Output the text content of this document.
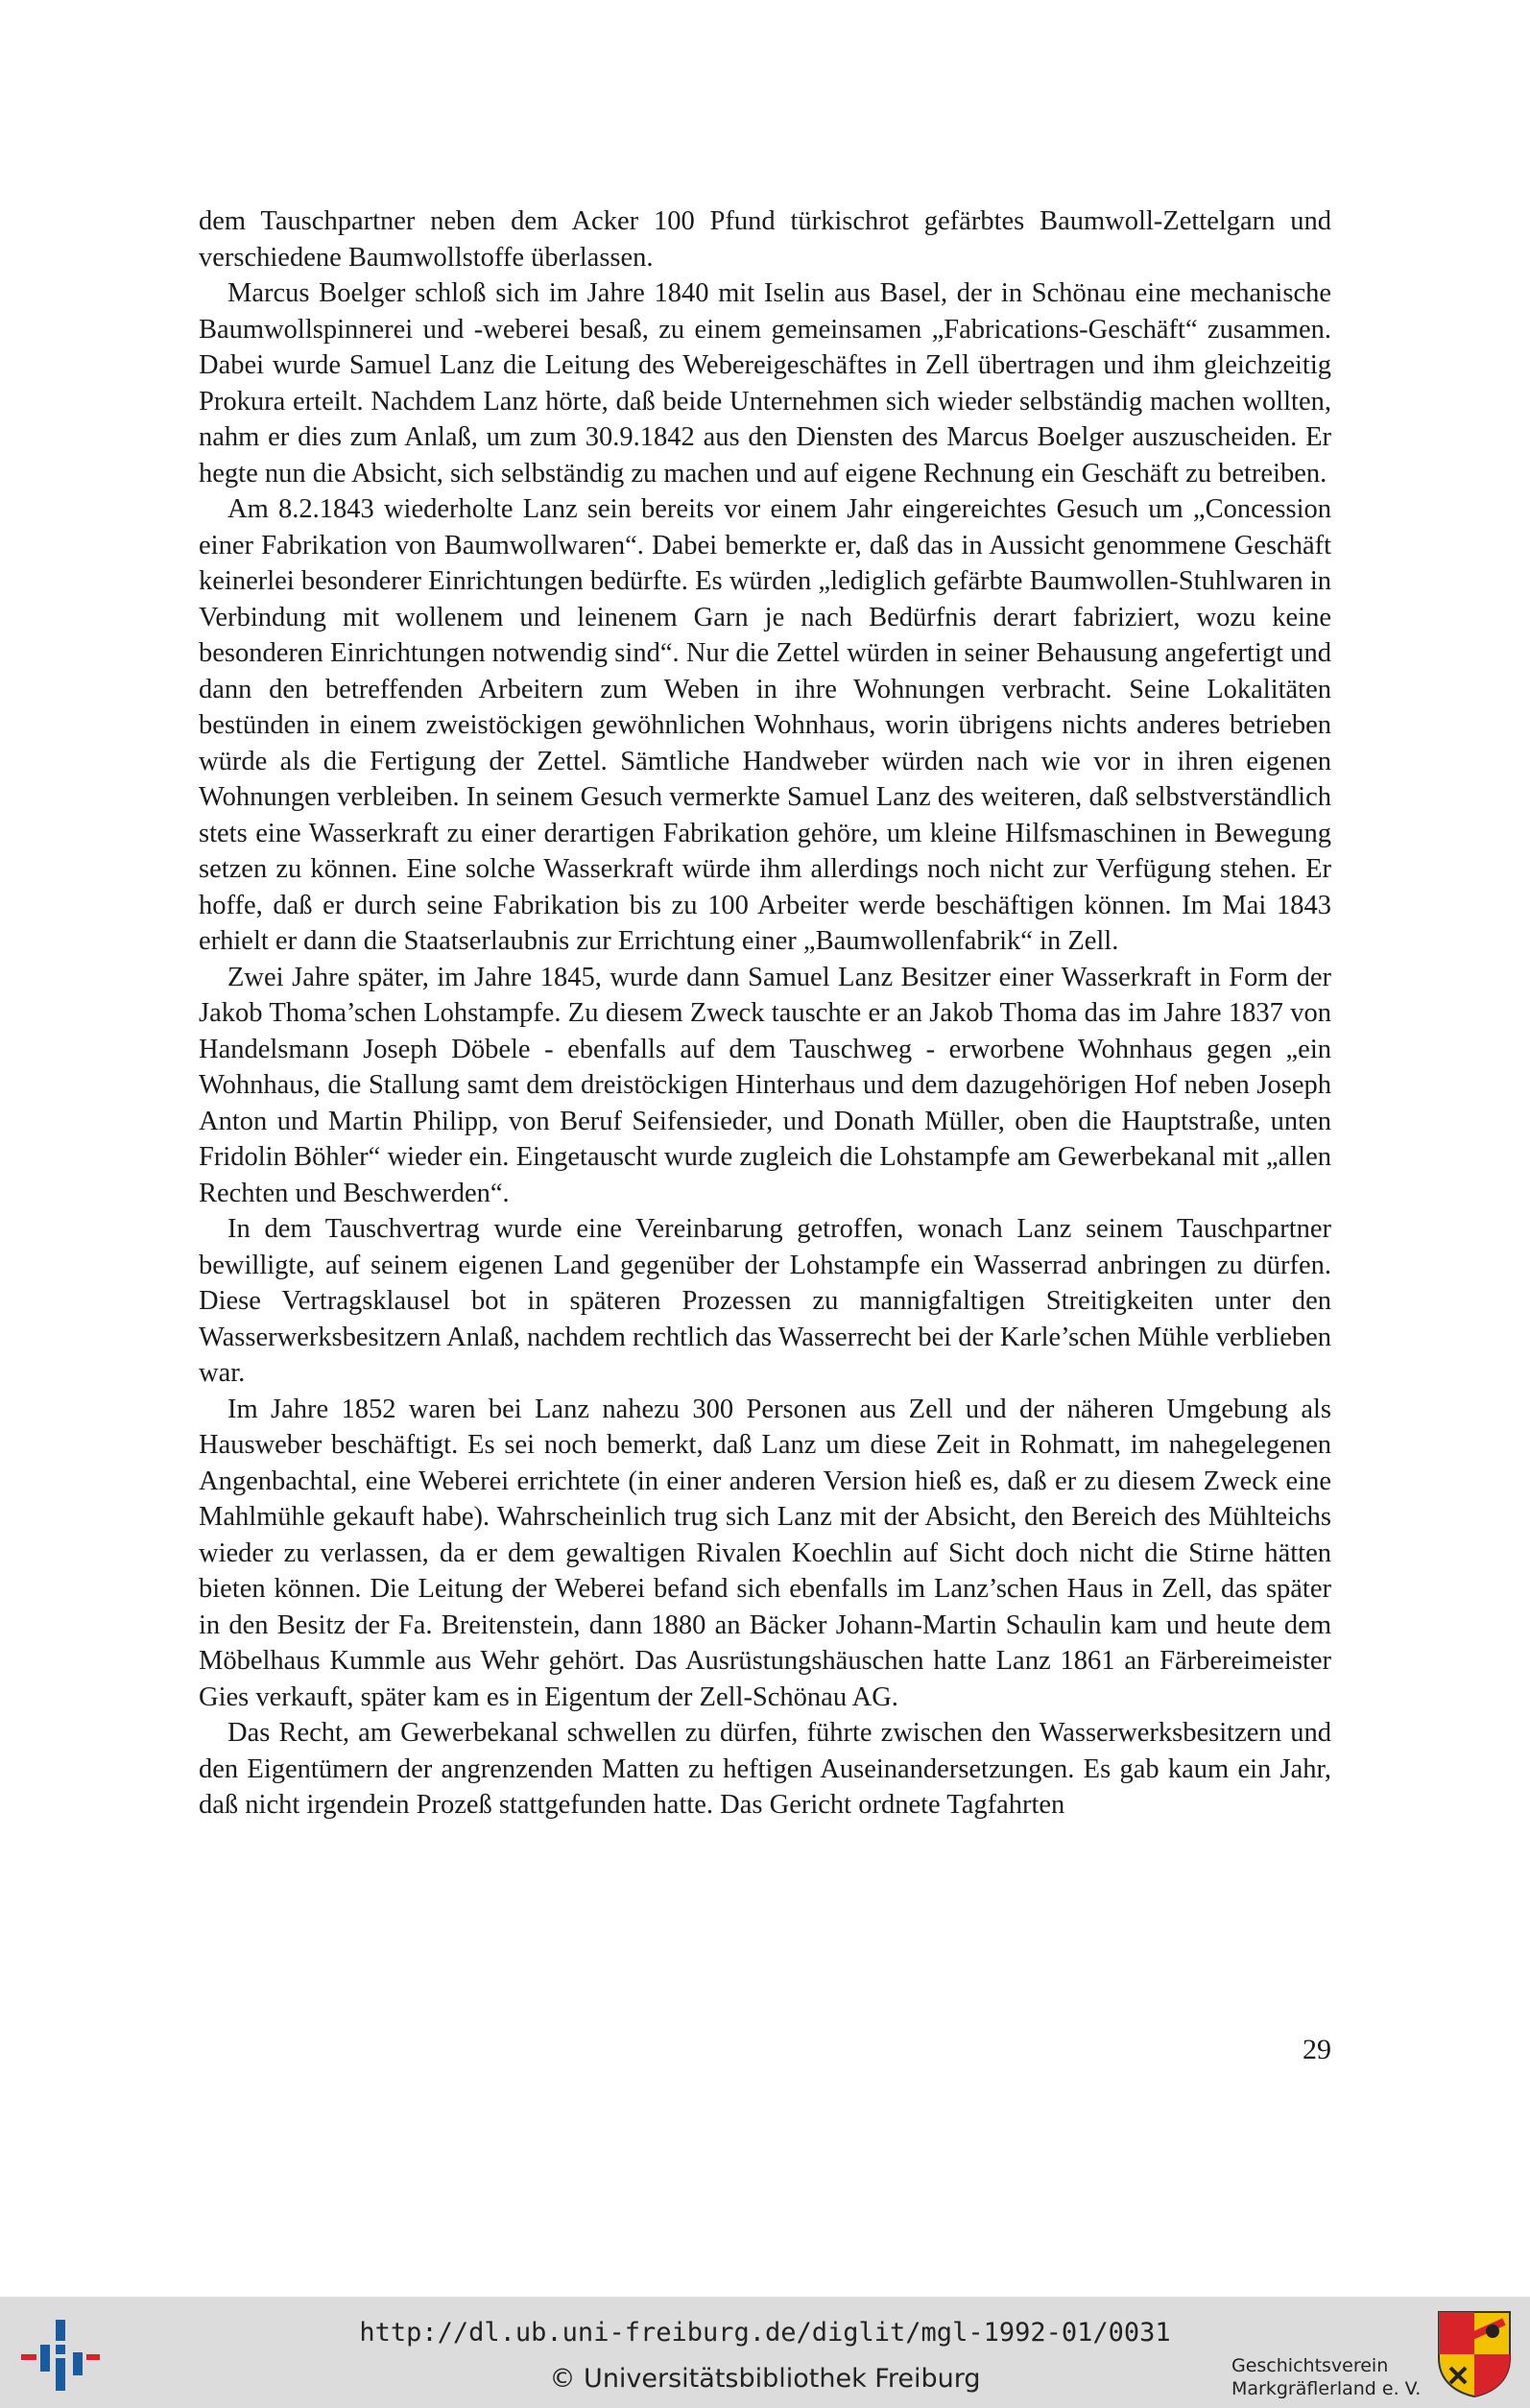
dem Tauschpartner neben dem Acker 100 Pfund türkischrot gefärbtes Baumwoll-Zettelgarn und verschiedene Baumwollstoffe überlassen.

Marcus Boelger schloß sich im Jahre 1840 mit Iselin aus Basel, der in Schönau eine mechanische Baumwollspinnerei und -weberei besaß, zu einem gemeinsamen „Fabrications-Geschäft“ zusammen. Dabei wurde Samuel Lanz die Leitung des Webereigeschäftes in Zell übertragen und ihm gleichzeitig Prokura erteilt. Nachdem Lanz hörte, daß beide Unternehmen sich wieder selbständig machen wollten, nahm er dies zum Anlaß, um zum 30.9.1842 aus den Diensten des Marcus Boelger auszuscheiden. Er hegte nun die Absicht, sich selbständig zu machen und auf eigene Rechnung ein Geschäft zu betreiben.

Am 8.2.1843 wiederholte Lanz sein bereits vor einem Jahr eingereichtes Gesuch um „Concession einer Fabrikation von Baumwollwaren“. Dabei bemerkte er, daß das in Aussicht genommene Geschäft keinerlei besonderer Einrichtungen bedürfte. Es würden „lediglich gefärbte Baumwollen-Stuhlwaren in Verbindung mit wollenem und leinenem Garn je nach Bedürfnis derart fabriziert, wozu keine besonderen Einrichtungen notwendig sind“. Nur die Zettel würden in seiner Behausung angefertigt und dann den betreffenden Arbeitern zum Weben in ihre Wohnungen verbracht. Seine Lokalitäten bestünden in einem zweistöckigen gewöhnlichen Wohnhaus, worin übrigens nichts anderes betrieben würde als die Fertigung der Zettel. Sämtliche Handweber würden nach wie vor in ihren eigenen Wohnungen verbleiben. In seinem Gesuch vermerkte Samuel Lanz des weiteren, daß selbstverständlich stets eine Wasserkraft zu einer derartigen Fabrikation gehöre, um kleine Hilfsmaschinen in Bewegung setzen zu können. Eine solche Wasserkraft würde ihm allerdings noch nicht zur Verfügung stehen. Er hoffe, daß er durch seine Fabrikation bis zu 100 Arbeiter werde beschäftigen können. Im Mai 1843 erhielt er dann die Staatserlaubnis zur Errichtung einer „Baumwollenfabrik“ in Zell.

Zwei Jahre später, im Jahre 1845, wurde dann Samuel Lanz Besitzer einer Wasserkraft in Form der Jakob Thoma’schen Lohstampfe. Zu diesem Zweck tauschte er an Jakob Thoma das im Jahre 1837 von Handelsmann Joseph Döbele - ebenfalls auf dem Tauschweg - erworbene Wohnhaus gegen „ein Wohnhaus, die Stallung samt dem dreistöckigen Hinterhaus und dem dazugehörigen Hof neben Joseph Anton und Martin Philipp, von Beruf Seifensieder, und Donath Müller, oben die Hauptstraße, unten Fridolin Böhler“ wieder ein. Eingetauscht wurde zugleich die Lohstampfe am Gewerbekanal mit „allen Rechten und Beschwerden“.

In dem Tauschvertrag wurde eine Vereinbarung getroffen, wonach Lanz seinem Tauschpartner bewilligte, auf seinem eigenen Land gegenüber der Lohstampfe ein Wasserrad anbringen zu dürfen. Diese Vertragsklausel bot in späteren Prozessen zu mannigfaltigen Streitigkeiten unter den Wasserwerksbesitzern Anlaß, nachdem rechtlich das Wasserrecht bei der Karle’schen Mühle verblieben war.

Im Jahre 1852 waren bei Lanz nahezu 300 Personen aus Zell und der näheren Umgebung als Hausweber beschäftigt. Es sei noch bemerkt, daß Lanz um diese Zeit in Rohmatt, im nahegelegenen Angenbachtal, eine Weberei errichtete (in einer anderen Version hieß es, daß er zu diesem Zweck eine Mahlmühle gekauft habe). Wahrscheinlich trug sich Lanz mit der Absicht, den Bereich des Mühlteichs wieder zu verlassen, da er dem gewaltigen Rivalen Koechlin auf Sicht doch nicht die Stirne hätten bieten können. Die Leitung der Weberei befand sich ebenfalls im Lanz’schen Haus in Zell, das später in den Besitz der Fa. Breitenstein, dann 1880 an Bäcker Johann-Martin Schaulin kam und heute dem Möbelhaus Kummle aus Wehr gehört. Das Ausrüstungshäuschen hatte Lanz 1861 an Färbereimeister Gies verkauft, später kam es in Eigentum der Zell-Schönau AG.

Das Recht, am Gewerbekanal schwellen zu dürfen, führte zwischen den Wasserwerksbesitzern und den Eigentümern der angrenzenden Matten zu heftigen Auseinandersetzungen. Es gab kaum ein Jahr, daß nicht irgendein Prozeß stattgefunden hatte. Das Gericht ordnete Tagfahrten

29
http://dl.ub.uni-freiburg.de/diglit/mgl-1992-01/0031
© Universitätsbibliothek Freiburg	Geschichtsverein
Markgräflerland e. V.
